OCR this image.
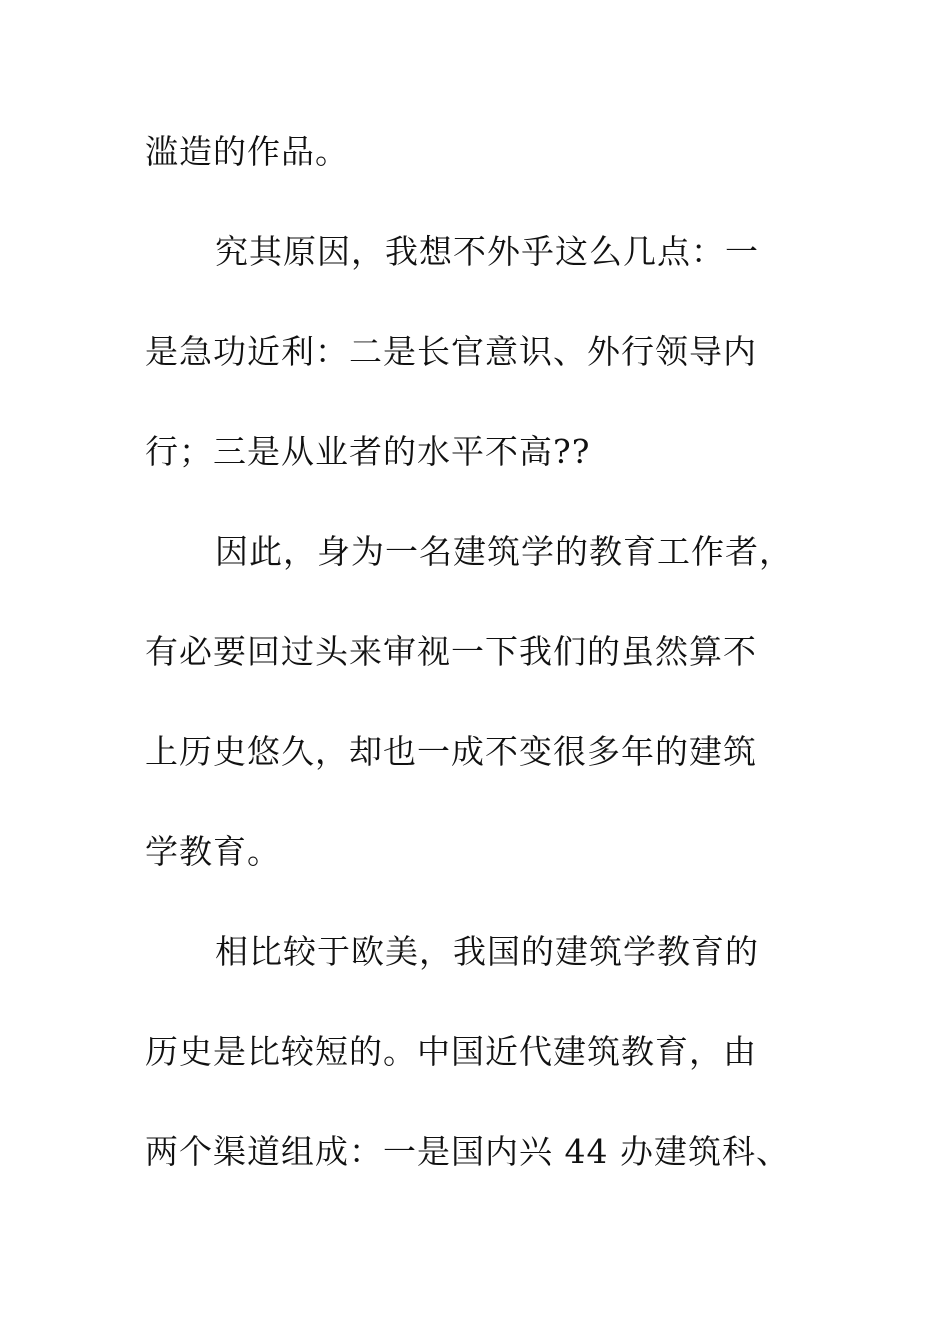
滥造的作品。
究其原因，我想不外乎这么几点：一
是急功近利：二是长官意识、外行领导内
行；三是从业者的水平不高??
因此，身为一名建筑学的教育工作者，
有必要回过头来审视一下我们的虽然算不
上历史悠久，却也一成不变很多年的建筑
学教育。
相比较于欧美，我国的建筑学教育的
历史是比较短的。中国近代建筑教育，由
两个渠道组成：一是国内兴 44 办建筑科、
